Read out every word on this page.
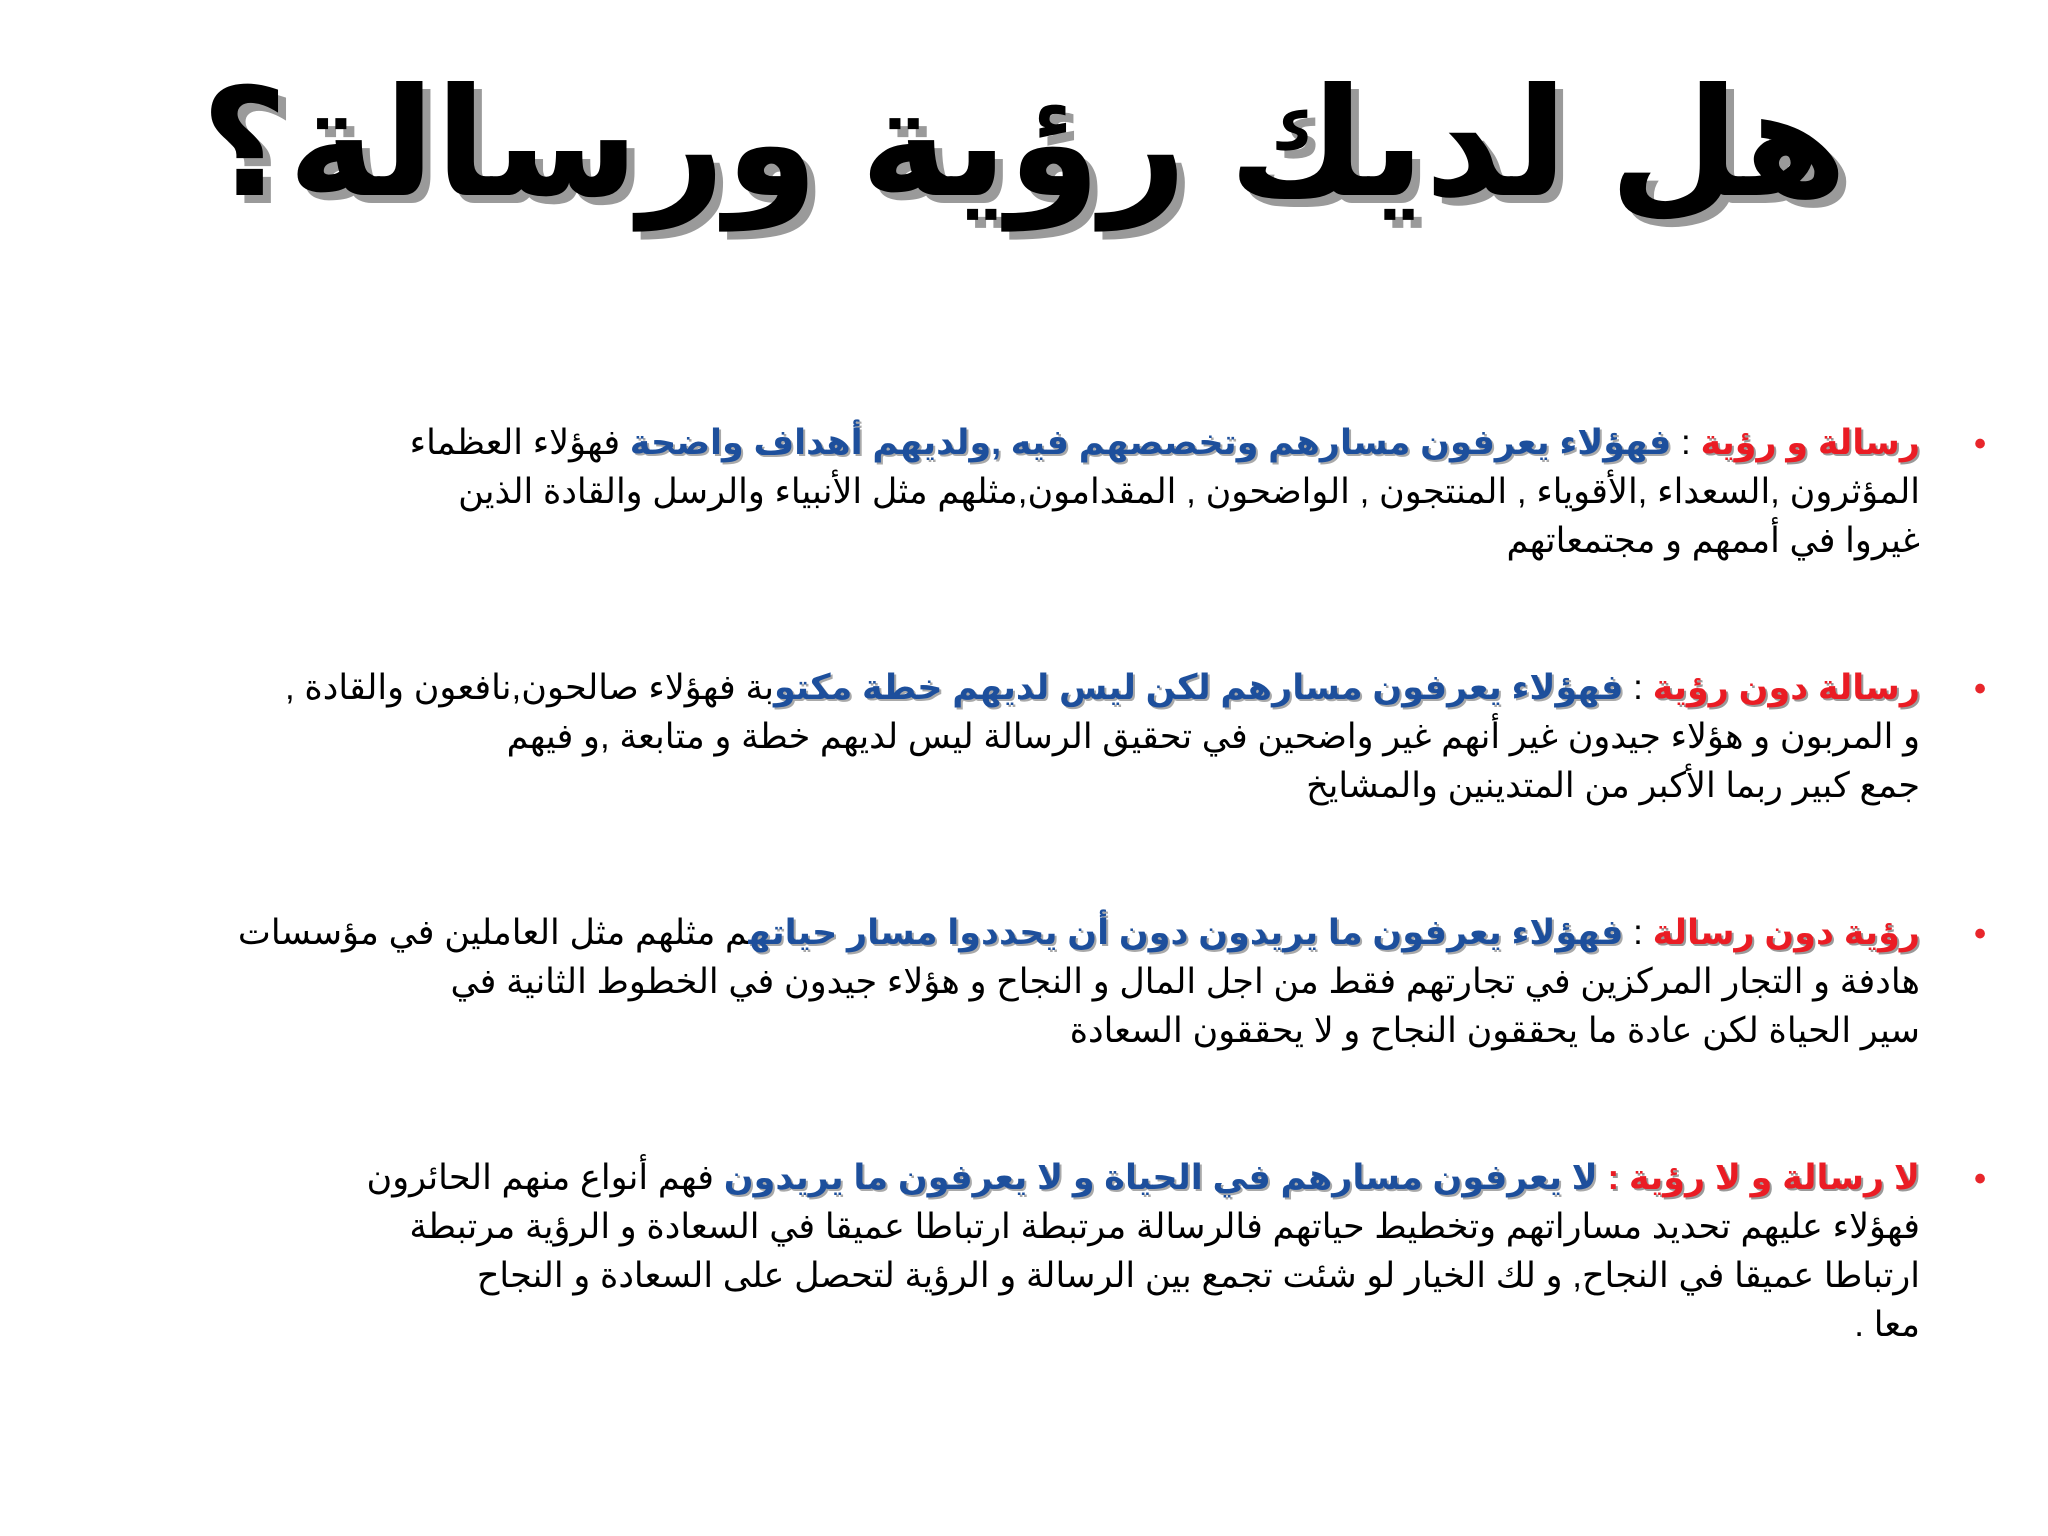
هل لديك رؤية ورسالة؟
•
رسالة و رؤية : فهؤلاء يعرفون مسارهم وتخصصهم فيه ,ولديهم أهداف واضحة فهؤلاء العظماء
المؤثرون ,السعداء ,الأقوياء , المنتجون , الواضحون , المقدامون,مثلهم مثل الأنبياء والرسل والقادة الذين
غيروا في أممهم و مجتمعاتهم
•
رسالة دون رؤية : فهؤلاء يعرفون مسارهم لكن ليس لديهم خطة مكتوبة فهؤلاء صالحون,نافعون والقادة ,
و المربون و هؤلاء جيدون غير أنهم غير واضحين في تحقيق الرسالة ليس لديهم خطة و متابعة ,و فيهم
جمع كبير ربما الأكبر من المتدينين والمشايخ
•
رؤية دون رسالة : فهؤلاء يعرفون ما يريدون دون أن يحددوا مسار حياتهم مثلهم مثل العاملين في مؤسسات
هادفة و التجار المركزين في تجارتهم فقط من اجل المال و النجاح و هؤلاء جيدون في الخطوط الثانية في
سير الحياة لكن عادة ما يحققون النجاح و لا يحققون السعادة
•
لا رسالة و لا رؤية : لا يعرفون مسارهم في الحياة و لا يعرفون ما يريدون فهم أنواع منهم الحائرون
فهؤلاء عليهم تحديد مساراتهم وتخطيط حياتهم فالرسالة مرتبطة ارتباطا عميقا في السعادة و الرؤية مرتبطة
ارتباطا عميقا في النجاح, و لك الخيار لو شئت تجمع بين الرسالة و الرؤية لتحصل على السعادة و النجاح
معا .
